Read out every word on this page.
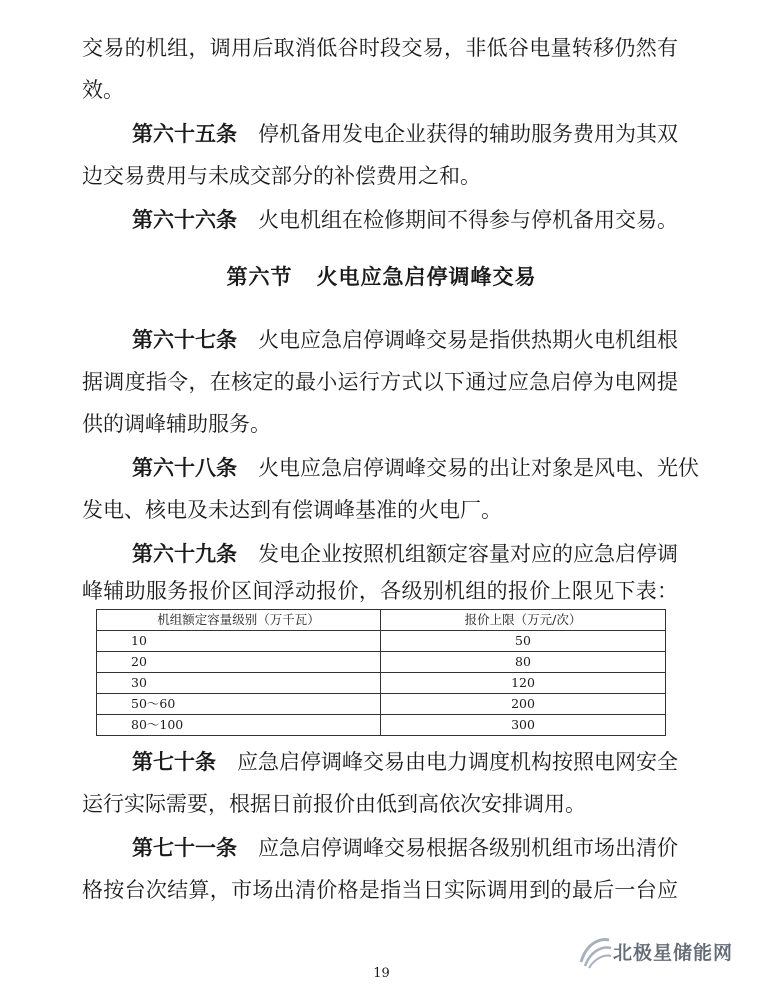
交易的机组，调用后取消低谷时段交易，非低谷电量转移仍然有
效。
第六十五条　 停机备用发电企业获得的辅助服务费用为其双
边交易费用与未成交部分的补偿费用之和。
第六十六条　 火电机组在检修期间不得参与停机备用交易。
第六节 火电应急启停调峰交易
第六十七条　 火电应急启停调峰交易是指供热期火电机组根
据调度指令，在核定的最小运行方式以下通过应急启停为电网提
供的调峰辅助服务。
第六十八条　 火电应急启停调峰交易的出让对象是风电、光伏
发电、核电及未达到有偿调峰基准的火电厂。
第六十九条　 发电企业按照机组额定容量对应的应急启停调
峰辅助服务报价区间浮动报价，各级别机组的报价上限见下表：
机组额定容量级别（万千瓦）	报价上限（万元/次）
10	50
20	80
30	120
50～60	200
80～100	300
第七十条　 应急启停调峰交易由电力调度机构按照电网安全
运行实际需要，根据日前报价由低到高依次安排调用。
第七十一条　 应急启停调峰交易根据各级别机组市场出清价
格按台次结算，市场出清价格是指当日实际调用到的最后一台应
19
北极星储能网
